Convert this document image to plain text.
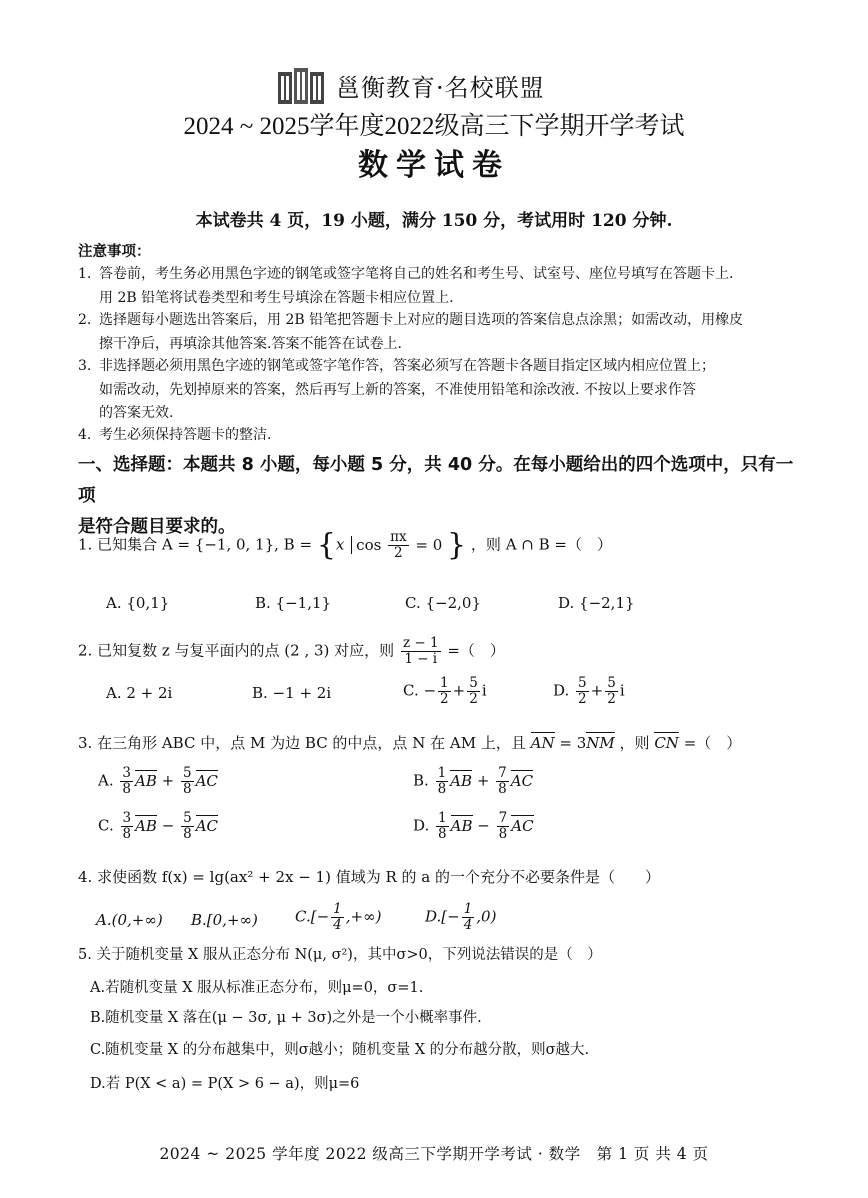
邕衡教育·名校联盟
2024 ~ 2025学年度2022级高三下学期开学考试
数学试卷
本试卷共 4 页，19 小题，满分 150 分，考试用时 120 分钟.
注意事项：
1. 答卷前，考生务必用黑色字迹的钢笔或签字笔将自己的姓名和考生号、试室号、座位号填写在答题卡上.
用 2B 铅笔将试卷类型和考生号填涂在答题卡相应位置上.
2. 选择题每小题选出答案后，用 2B 铅笔把答题卡上对应的题目选项的答案信息点涂黑；如需改动，用橡皮
擦干净后，再填涂其他答案.答案不能答在试卷上.
3. 非选择题必须用黑色字迹的钢笔或签字笔作答，答案必须写在答题卡各题目指定区域内相应位置上；
如需改动，先划掉原来的答案，然后再写上新的答案，不准使用铅笔和涂改液. 不按以上要求作答
的答案无效.
4. 考生必须保持答题卡的整洁.
一、选择题：本题共 8 小题，每小题 5 分，共 40 分。在每小题给出的四个选项中，只有一项
是符合题目要求的。
1. 已知集合 A = {−1, 0, 1}, B = {x $\cos \frac{\pi x}{2} = 0$ } ，则 A ∩ B =（　）
A. {0,1}	B. {−1,1}	C. {−2,0}	D. {−2,1}
2. 已知复数 z 与复平面内的点 (2 , 3) 对应，则 $\frac{z - 1}{1 - i}$ =（　）
A. 2 + 2i	B. −1 + 2i	C. − $\frac{1}{2} + \frac{5}{2}$ i	D. $\frac{5}{2} + \frac{5}{2}$ i
3. 在三角形 ABC 中，点 M 为边 BC 的中点，点 N 在 AM 上，且 AN = 3NM ，则 CN =（　）
A. $\frac{3}{8}$ AB + $\frac{5}{8}$ AC	B. $\frac{1}{8}$ AB + $\frac{7}{8}$ AC
C. $\frac{3}{8}$ AB − $\frac{5}{8}$ AC	D. $\frac{1}{8}$ AB − $\frac{7}{8}$ AC
4. 求使函数 f(x) = lg(ax² + 2x − 1) 值域为 R 的 a 的一个充分不必要条件是（　　）
A.(0,+∞) B.[0,+∞) $C.[- \frac{1}{4}$ ,+∞)	$D.[- \frac{1}{4} ,0)$
5. 关于随机变量 X 服从正态分布 N(μ, σ²)，其中σ>0，下列说法错误的是（　）
A.若随机变量 X 服从标准正态分布，则μ=0，σ=1.
B.随机变量 X 落在(μ − 3σ, μ + 3σ)之外是一个小概率事件.
C.随机变量 X 的分布越集中，则σ越小；随机变量 X 的分布越分散，则σ越大.
D.若 P(X < a) = P(X > 6 − a)，则μ=6
2024 ~ 2025 学年度 2022 级高三下学期开学考试 · 数学　第 1 页 共 4 页
